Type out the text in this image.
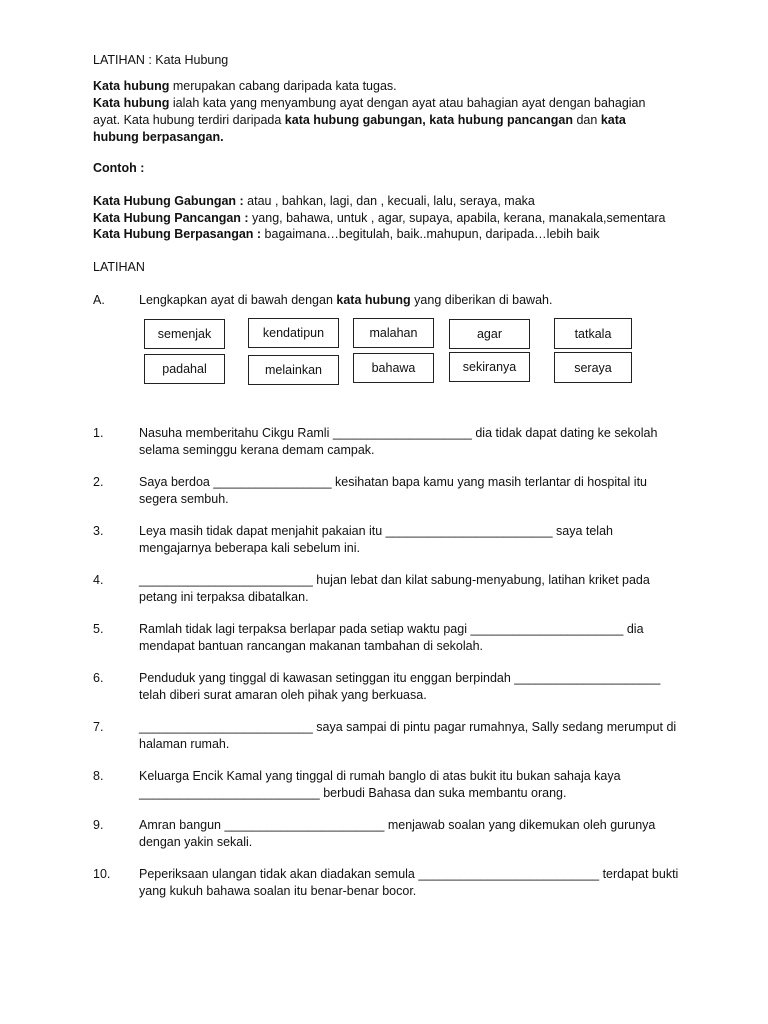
LATIHAN : Kata Hubung
Kata hubung merupakan cabang daripada kata tugas.
Kata hubung ialah kata yang menyambung ayat dengan ayat atau bahagian ayat dengan bahagian ayat. Kata hubung terdiri daripada kata hubung gabungan, kata hubung pancangan dan kata hubung berpasangan.
Contoh :
Kata Hubung Gabungan : atau , bahkan, lagi, dan , kecuali, lalu, seraya, maka
Kata Hubung Pancangan : yang, bahawa, untuk , agar, supaya, apabila, kerana, manakala,sementara
Kata Hubung Berpasangan : bagaimana…begitulah, baik..mahupun, daripada…lebih baik
LATIHAN
A.	Lengkapkan ayat di bawah dengan kata hubung yang diberikan di bawah.
semenjak	kendatipun	malahan	agar	tatkala
padahal	melainkan	bahawa	sekiranya	seraya
1.	Nasuha memberitahu Cikgu Ramli ____________________ dia tidak dapat dating ke sekolah selama seminggu kerana demam campak.
2.	Saya berdoa _________________ kesihatan bapa kamu yang masih terlantar di hospital itu segera sembuh.
3.	Leya masih tidak dapat menjahit pakaian itu ________________________ saya telah mengajarnya beberapa kali sebelum ini.
4.	_________________________ hujan lebat dan kilat sabung-menyabung, latihan kriket pada petang ini terpaksa dibatalkan.
5.	Ramlah tidak lagi terpaksa berlapar pada setiap waktu pagi ______________________ dia mendapat bantuan rancangan makanan tambahan di sekolah.
6.	Penduduk yang tinggal di kawasan setinggan itu enggan berpindah _____________________ telah diberi surat amaran oleh pihak yang berkuasa.
7.	_________________________ saya sampai di pintu pagar rumahnya, Sally sedang merumput di halaman rumah.
8.	Keluarga Encik Kamal yang tinggal di rumah banglo di atas bukit itu bukan sahaja kaya __________________________ berbudi Bahasa dan suka membantu orang.
9.	Amran bangun _______________________ menjawab soalan yang dikemukan oleh gurunya dengan yakin sekali.
10. Peperiksaan ulangan tidak akan diadakan semula __________________________ terdapat bukti yang kukuh bahawa soalan itu benar-benar bocor.
